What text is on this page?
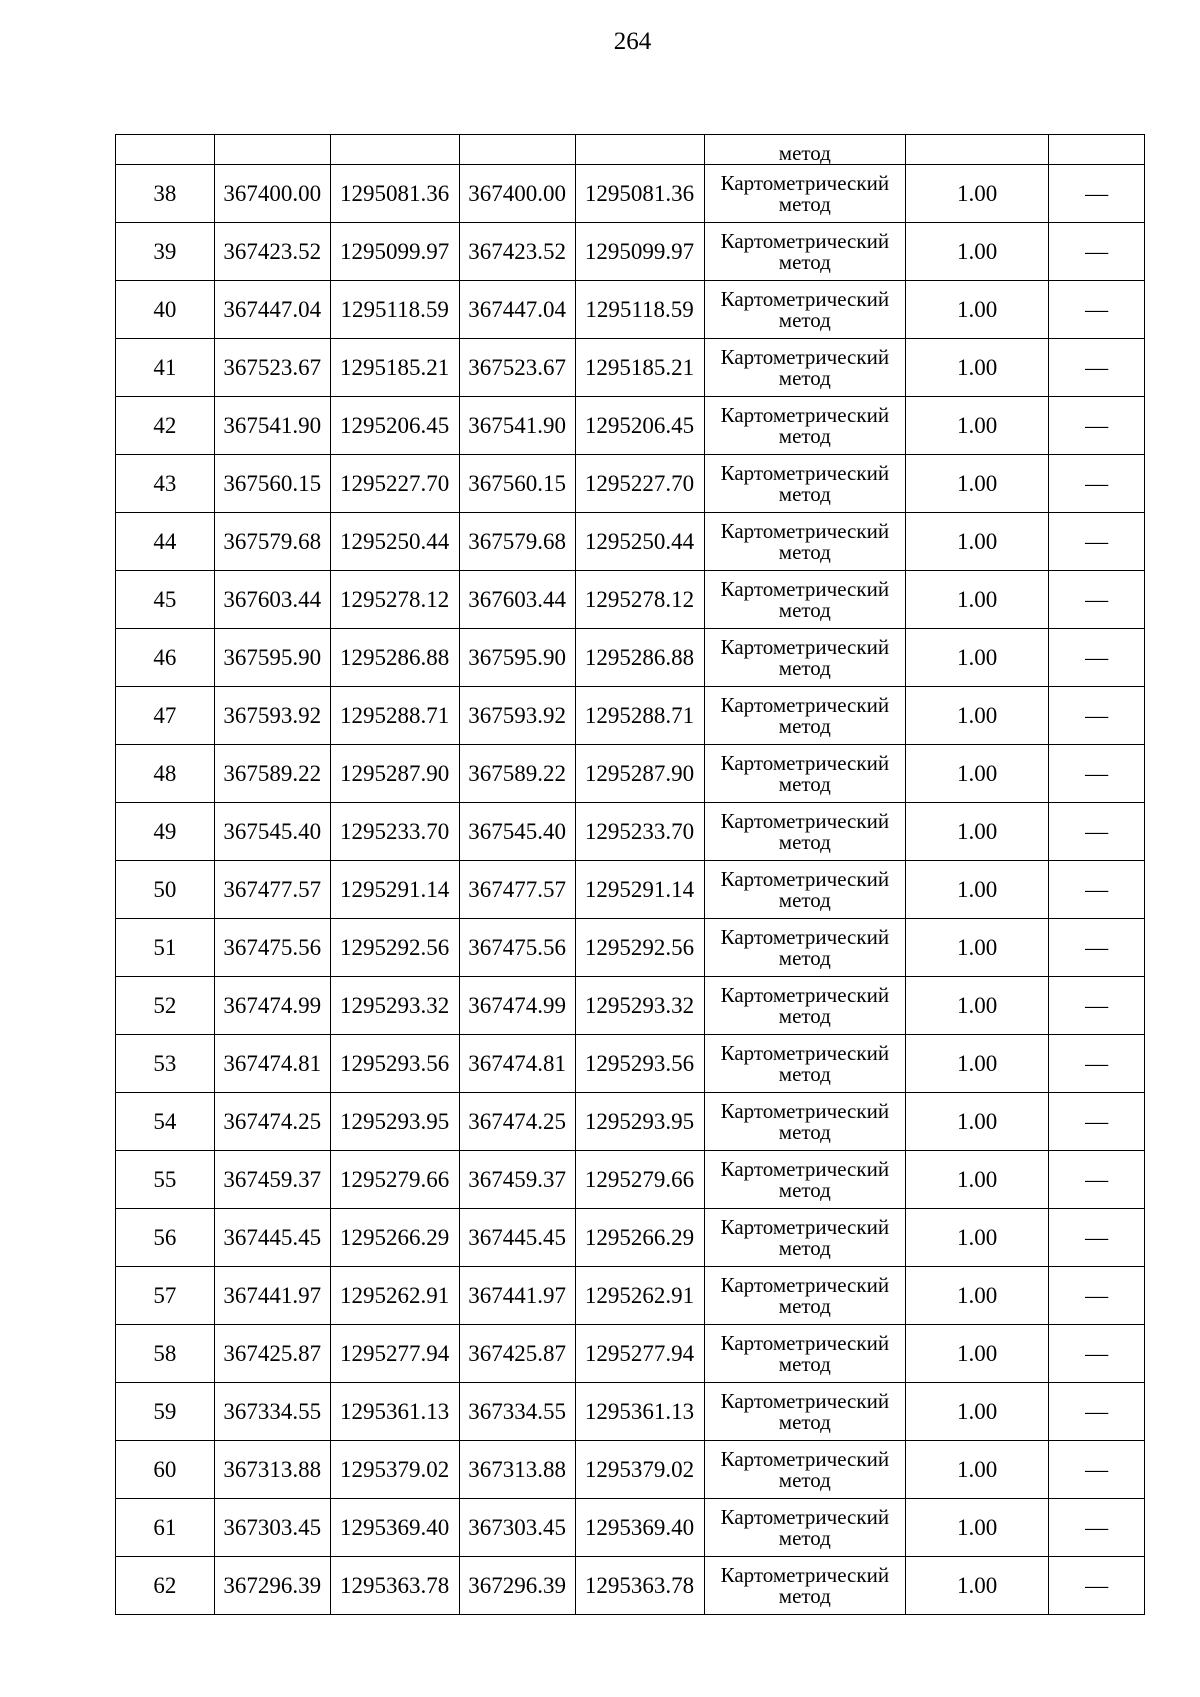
264
					метод		
38	367400.00	1295081.36	367400.00	1295081.36	Картометрический
метод	1.00	—
39	367423.52	1295099.97	367423.52	1295099.97	Картометрический
метод	1.00	—
40	367447.04	1295118.59	367447.04	1295118.59	Картометрический
метод	1.00	—
41	367523.67	1295185.21	367523.67	1295185.21	Картометрический
метод	1.00	—
42	367541.90	1295206.45	367541.90	1295206.45	Картометрический
метод	1.00	—
43	367560.15	1295227.70	367560.15	1295227.70	Картометрический
метод	1.00	—
44	367579.68	1295250.44	367579.68	1295250.44	Картометрический
метод	1.00	—
45	367603.44	1295278.12	367603.44	1295278.12	Картометрический
метод	1.00	—
46	367595.90	1295286.88	367595.90	1295286.88	Картометрический
метод	1.00	—
47	367593.92	1295288.71	367593.92	1295288.71	Картометрический
метод	1.00	—
48	367589.22	1295287.90	367589.22	1295287.90	Картометрический
метод	1.00	—
49	367545.40	1295233.70	367545.40	1295233.70	Картометрический
метод	1.00	—
50	367477.57	1295291.14	367477.57	1295291.14	Картометрический
метод	1.00	—
51	367475.56	1295292.56	367475.56	1295292.56	Картометрический
метод	1.00	—
52	367474.99	1295293.32	367474.99	1295293.32	Картометрический
метод	1.00	—
53	367474.81	1295293.56	367474.81	1295293.56	Картометрический
метод	1.00	—
54	367474.25	1295293.95	367474.25	1295293.95	Картометрический
метод	1.00	—
55	367459.37	1295279.66	367459.37	1295279.66	Картометрический
метод	1.00	—
56	367445.45	1295266.29	367445.45	1295266.29	Картометрический
метод	1.00	—
57	367441.97	1295262.91	367441.97	1295262.91	Картометрический
метод	1.00	—
58	367425.87	1295277.94	367425.87	1295277.94	Картометрический
метод	1.00	—
59	367334.55	1295361.13	367334.55	1295361.13	Картометрический
метод	1.00	—
60	367313.88	1295379.02	367313.88	1295379.02	Картометрический
метод	1.00	—
61	367303.45	1295369.40	367303.45	1295369.40	Картометрический
метод	1.00	—
62	367296.39	1295363.78	367296.39	1295363.78	Картометрический
метод	1.00	—
